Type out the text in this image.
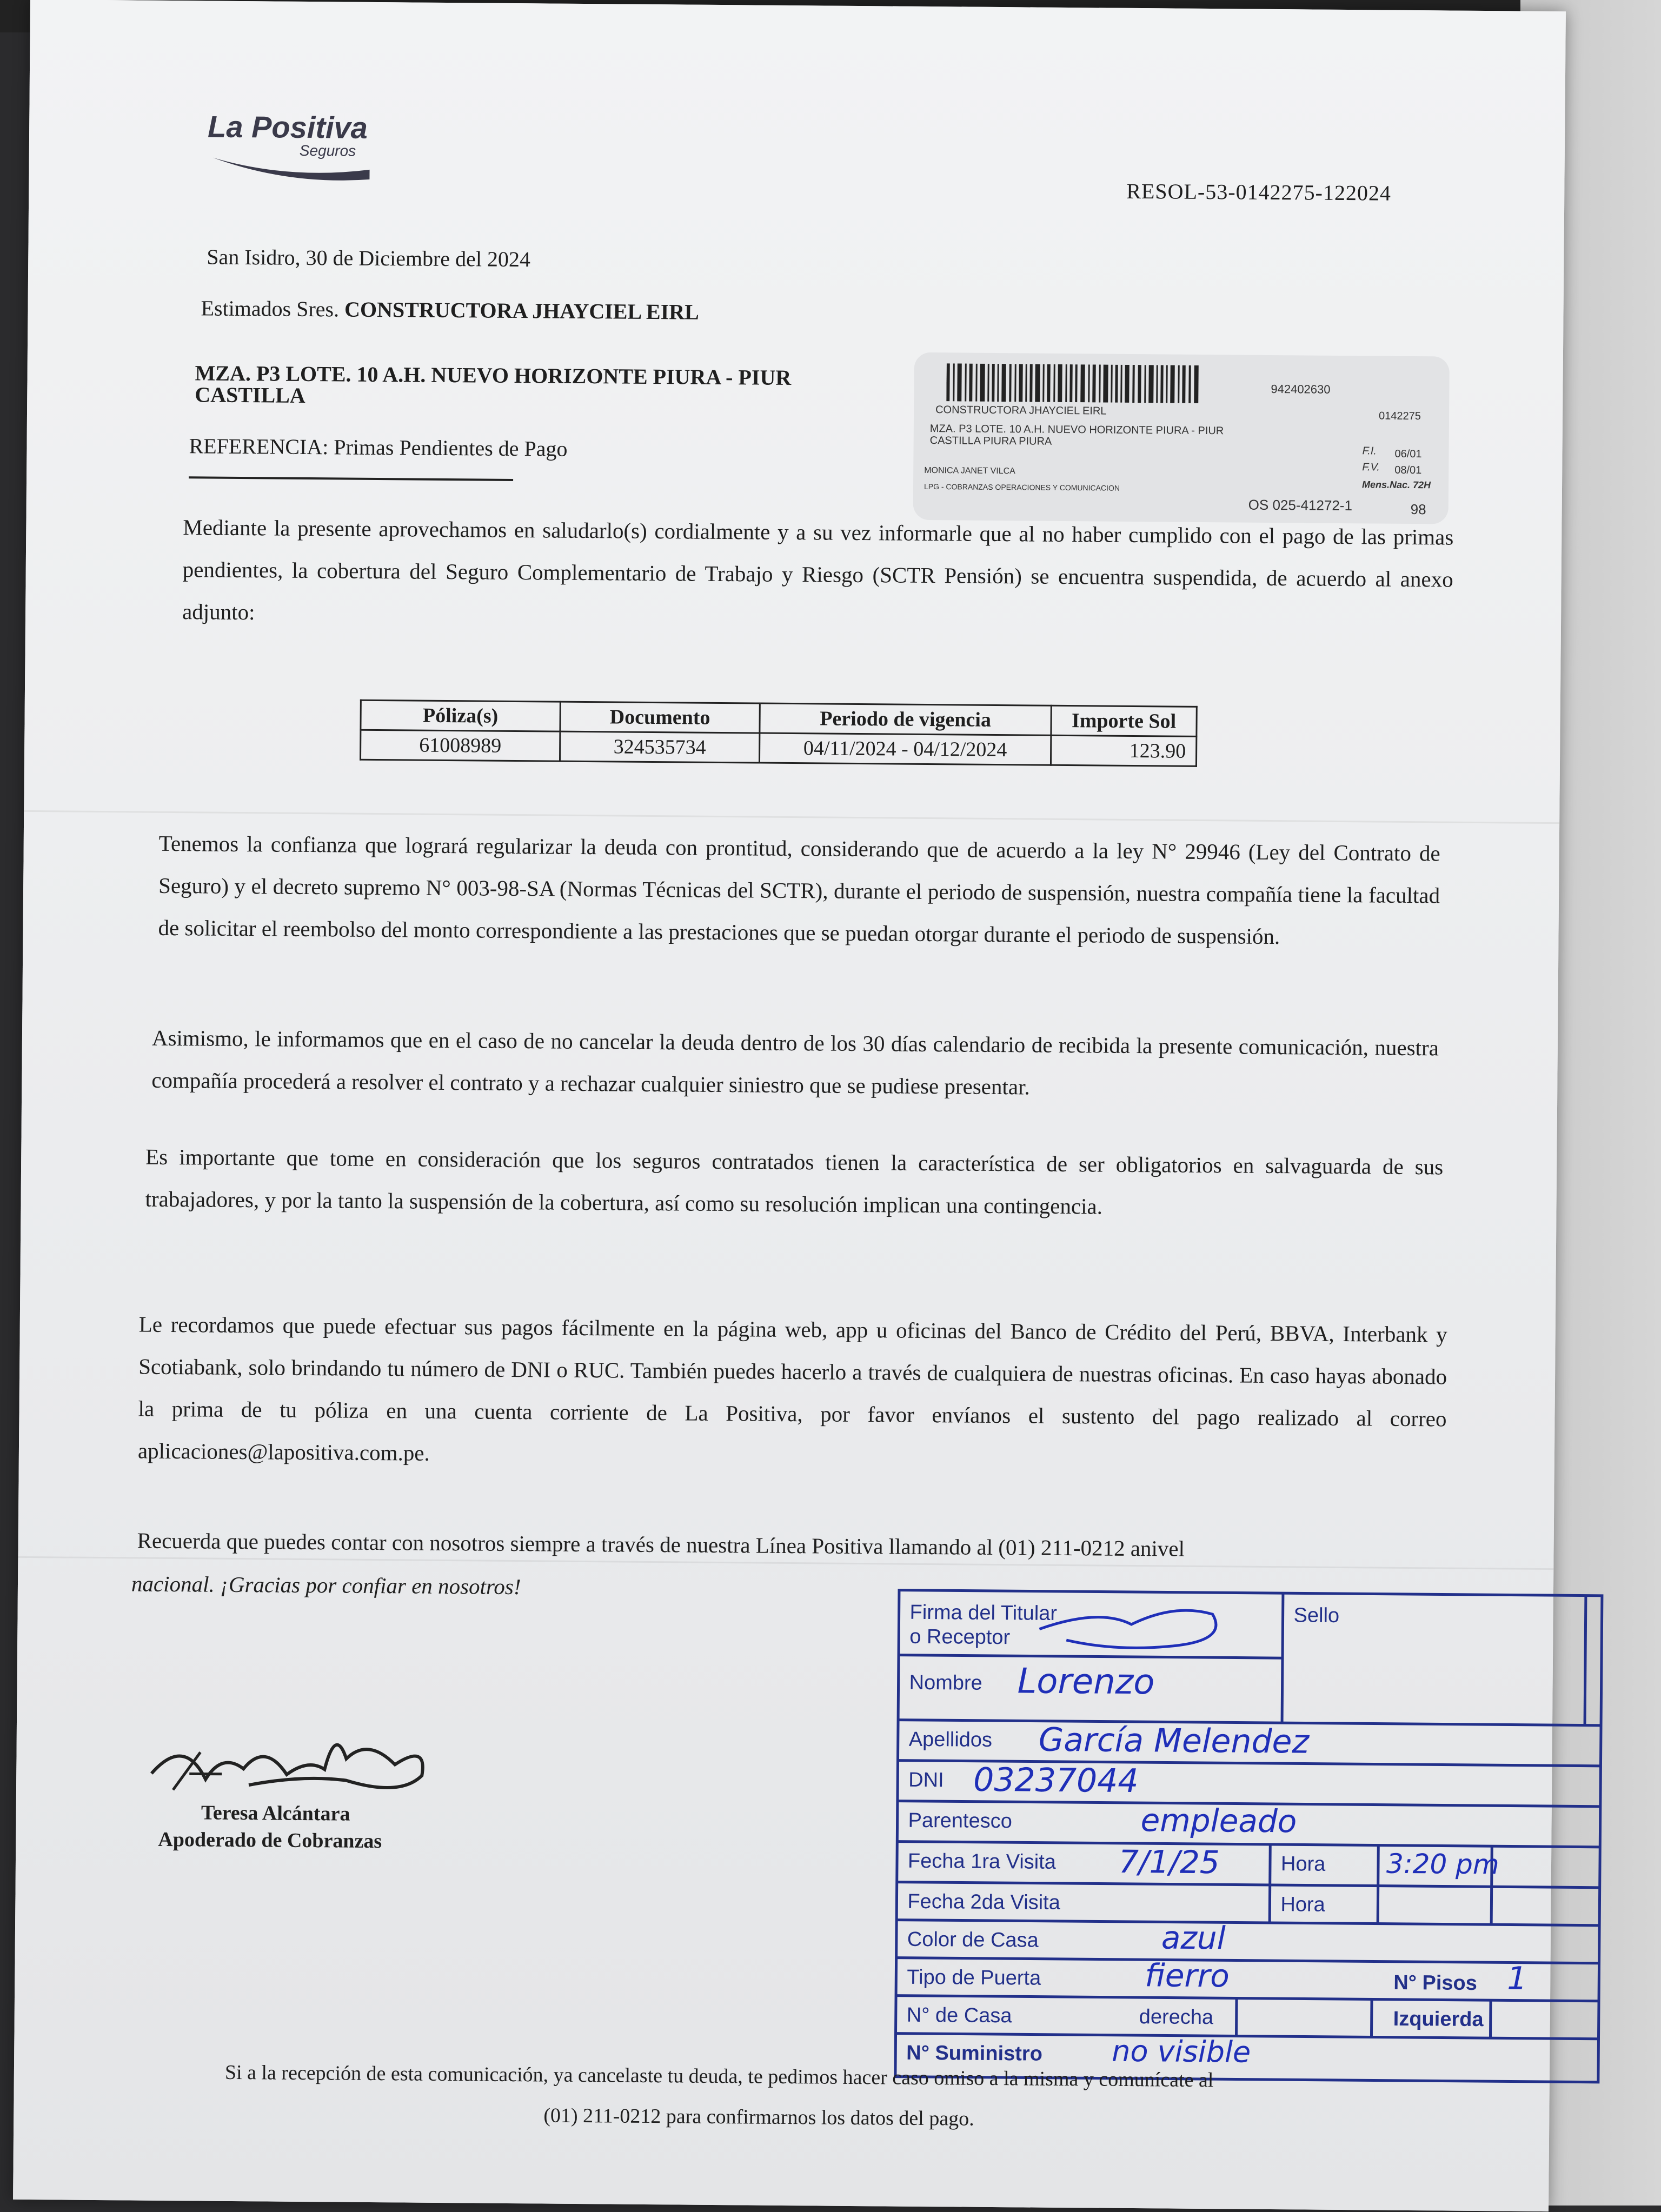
La Positiva
Seguros
RESOL-53-0142275-122024
San Isidro, 30 de Diciembre del 2024
Estimados Sres. CONSTRUCTORA JHAYCIEL EIRL
MZA. P3 LOTE. 10 A.H. NUEVO HORIZONTE PIURA - PIUR
CASTILLA
REFERENCIA: Primas Pendientes de Pago
942402630
CONSTRUCTORA JHAYCIEL EIRL	0142275
MZA. P3 LOTE. 10 A.H. NUEVO HORIZONTE PIURA - PIUR
CASTILLA PIURA PIURA
F.I. 06/01
F.V. 08/01
MONICA JANET VILCA
Mens.Nac. 72H
LPG - COBRANZAS OPERACIONES Y COMUNICACION
OS 025-41272-1	98
Mediante la presente aprovechamos en saludarlo(s) cordialmente y a su vez informarle que al no haber cumplido con el pago de las primas pendientes, la cobertura del Seguro Complementario de Trabajo y Riesgo (SCTR Pensión) se encuentra suspendida, de acuerdo al anexo adjunto:
Póliza(s)	Documento	Periodo de vigencia	Importe Sol
61008989	324535734	04/11/2024 - 04/12/2024	123.90
Tenemos la confianza que logrará regularizar la deuda con prontitud, considerando que de acuerdo a la ley N° 29946 (Ley del Contrato de Seguro) y el decreto supremo N° 003-98-SA (Normas Técnicas del SCTR), durante el periodo de suspensión, nuestra compañía tiene la facultad de solicitar el reembolso del monto correspondiente a las prestaciones que se puedan otorgar durante el periodo de suspensión.
Asimismo, le informamos que en el caso de no cancelar la deuda dentro de los 30 días calendario de recibida la presente comunicación, nuestra compañía procederá a resolver el contrato y a rechazar cualquier siniestro que se pudiese presentar.
Es importante que tome en consideración que los seguros contratados tienen la característica de ser obligatorios en salvaguarda de sus trabajadores, y por la tanto la suspensión de la cobertura, así como su resolución implican una contingencia.
Le recordamos que puede efectuar sus pagos fácilmente en la página web, app u oficinas del Banco de Crédito del Perú, BBVA, Interbank y Scotiabank, solo brindando tu número de DNI o RUC. También puedes hacerlo a través de cualquiera de nuestras oficinas. En caso hayas abonado la prima de tu póliza en una cuenta corriente de La Positiva, por favor envíanos el sustento del pago realizado al correo aplicaciones@lapositiva.com.pe.
Recuerda que puedes contar con nosotros siempre a través de nuestra Línea Positiva llamando al (01) 211-0212 anivel
nacional. ¡Gracias por confiar en nosotros!
Teresa Alcántara
Apoderado de Cobranzas
Firma del Titular
o Receptor
Sello
Nombre Lorenzo
Apellidos García Melendez
DNI 03237044
Parentesco	empleado
Fecha 1ra Visita 7/1/25	Hora 3:20 pm
Fecha 2da Visita	Hora
Color de Casa	azul
Tipo de Puerta	fierro	N° Pisos 1
N° de Casa	derecha	Izquierda
N° Suministro no visible
Si a la recepción de esta comunicación, ya cancelaste tu deuda, te pedimos hacer caso omiso a la misma y comunícate al
(01) 211-0212 para confirmarnos los datos del pago.
